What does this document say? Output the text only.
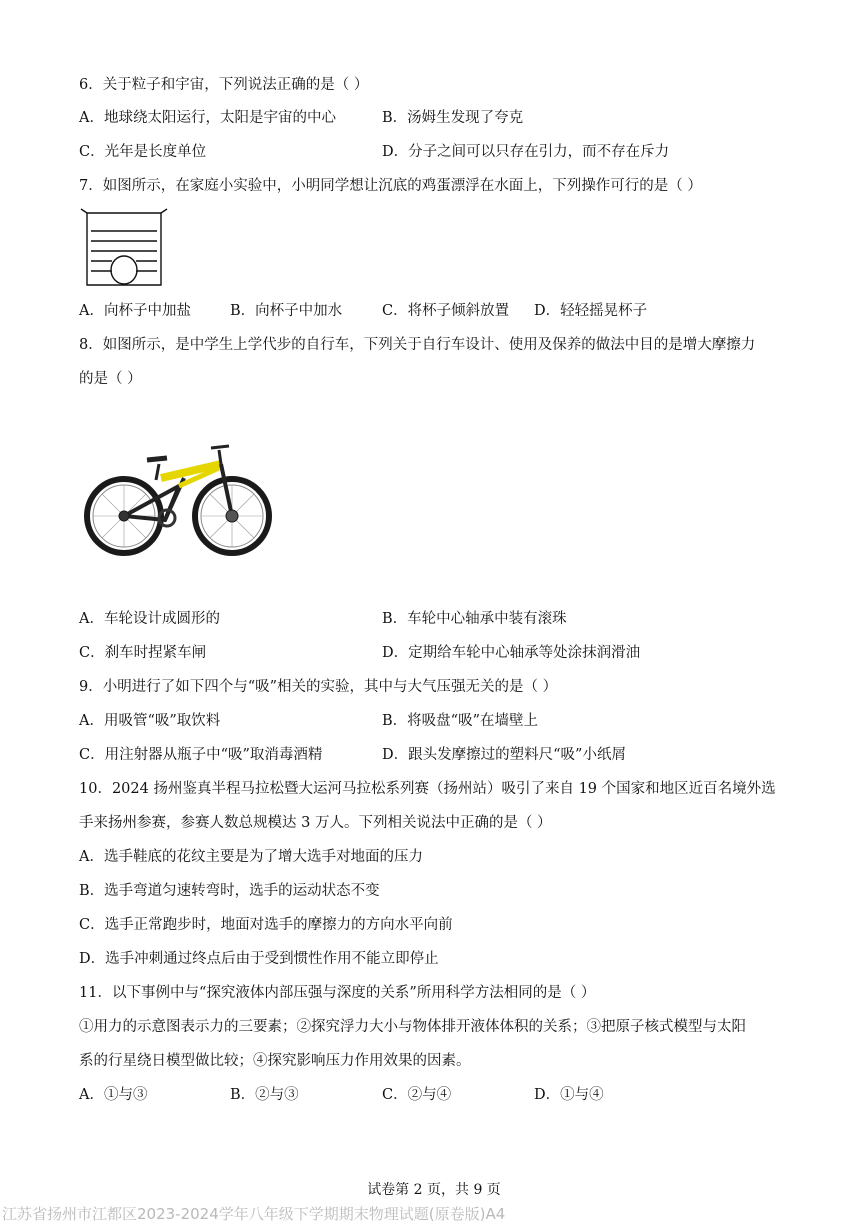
6．关于粒子和宇宙，下列说法正确的是（ ）
A．地球绕太阳运行，太阳是宇宙的中心	B．汤姆生发现了夸克
C．光年是长度单位	D．分子之间可以只存在引力，而不存在斥力
7．如图所示，在家庭小实验中，小明同学想让沉底的鸡蛋漂浮在水面上，下列操作可行的是（ ）
A．向杯子中加盐	B．向杯子中加水	C．将杯子倾斜放置 D．轻轻摇晃杯子
8．如图所示，是中学生上学代步的自行车，下列关于自行车设计、使用及保养的做法中目的是增大摩擦力
的是（ ）
A．车轮设计成圆形的	B．车轮中心轴承中装有滚珠
C．刹车时捏紧车闸	D．定期给车轮中心轴承等处涂抹润滑油
9．小明进行了如下四个与“吸”相关的实验，其中与大气压强无关的是（ ）
A．用吸管“吸”取饮料	B．将吸盘“吸”在墙壁上
C．用注射器从瓶子中“吸”取消毒酒精	D．跟头发摩擦过的塑料尺“吸”小纸屑
10．2024 扬州鉴真半程马拉松暨大运河马拉松系列赛（扬州站）吸引了来自 19 个国家和地区近百名境外选
手来扬州参赛，参赛人数总规模达 3 万人。下列相关说法中正确的是（ ）
A．选手鞋底的花纹主要是为了增大选手对地面的压力
B．选手弯道匀速转弯时，选手的运动状态不变
C．选手正常跑步时，地面对选手的摩擦力的方向水平向前
D．选手冲刺通过终点后由于受到惯性作用不能立即停止
11．以下事例中与“探究液体内部压强与深度的关系”所用科学方法相同的是（ ）
①用力的示意图表示力的三要素；②探究浮力大小与物体排开液体体积的关系；③把原子核式模型与太阳
系的行星绕日模型做比较；④探究影响压力作用效果的因素。
A．①与③	B．②与③	C．②与④	D．①与④
试卷第 2 页，共 9 页
江苏省扬州市江都区2023-2024学年八年级下学期期末物理试题(原卷版)A4
